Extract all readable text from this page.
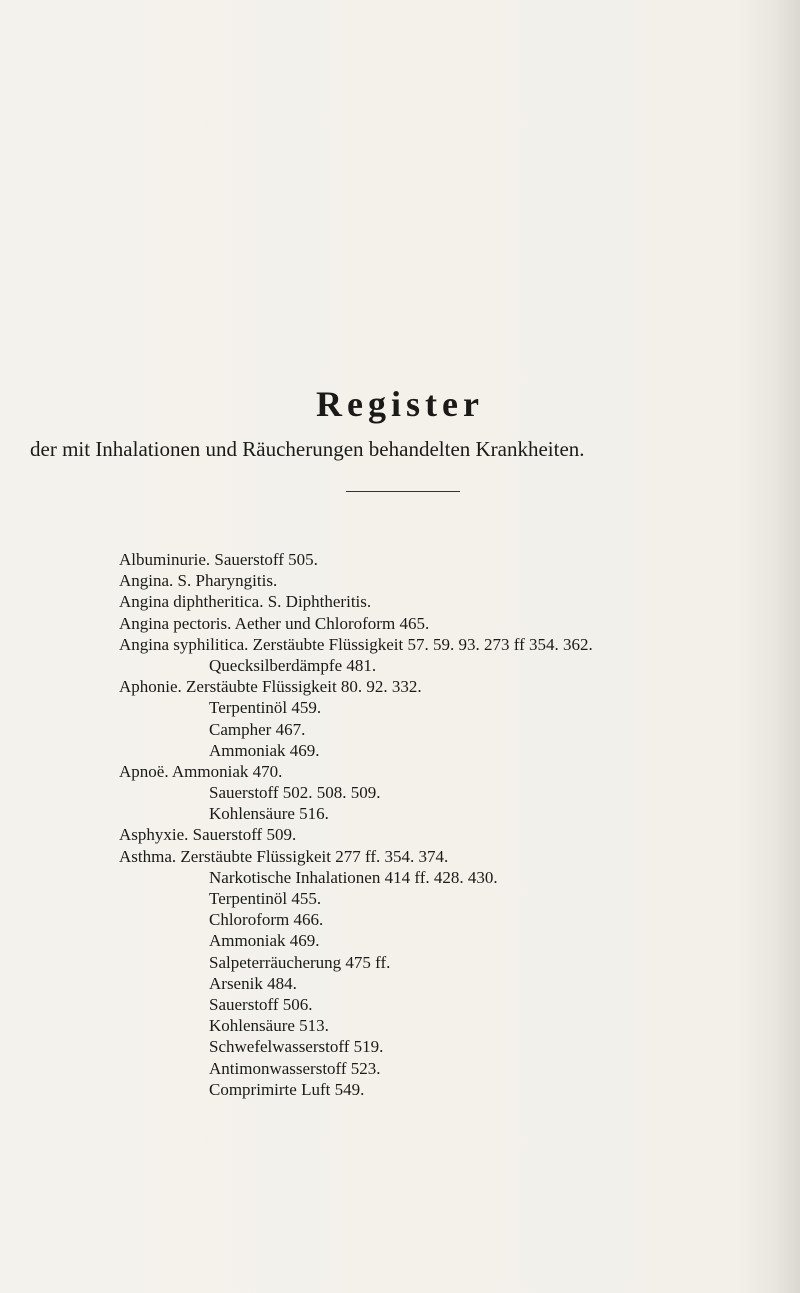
Register
der mit Inhalationen und Räucherungen behandelten Krankheiten.
Albuminurie. Sauerstoff 505.
Angina. S. Pharyngitis.
Angina diphtheritica. S. Diphtheritis.
Angina pectoris. Aether und Chloroform 465.
Angina syphilitica. Zerstäubte Flüssigkeit 57. 59. 93. 273 ff 354. 362.
Quecksilberdämpfe 481.
Aphonie. Zerstäubte Flüssigkeit 80. 92. 332.
Terpentinöl 459.
Campher 467.
Ammoniak 469.
Apnoë. Ammoniak 470.
Sauerstoff 502. 508. 509.
Kohlensäure 516.
Asphyxie. Sauerstoff 509.
Asthma. Zerstäubte Flüssigkeit 277 ff. 354. 374.
Narkotische Inhalationen 414 ff. 428. 430.
Terpentinöl 455.
Chloroform 466.
Ammoniak 469.
Salpeterräucherung 475 ff.
Arsenik 484.
Sauerstoff 506.
Kohlensäure 513.
Schwefelwasserstoff 519.
Antimonwasserstoff 523.
Comprimirte Luft 549.
